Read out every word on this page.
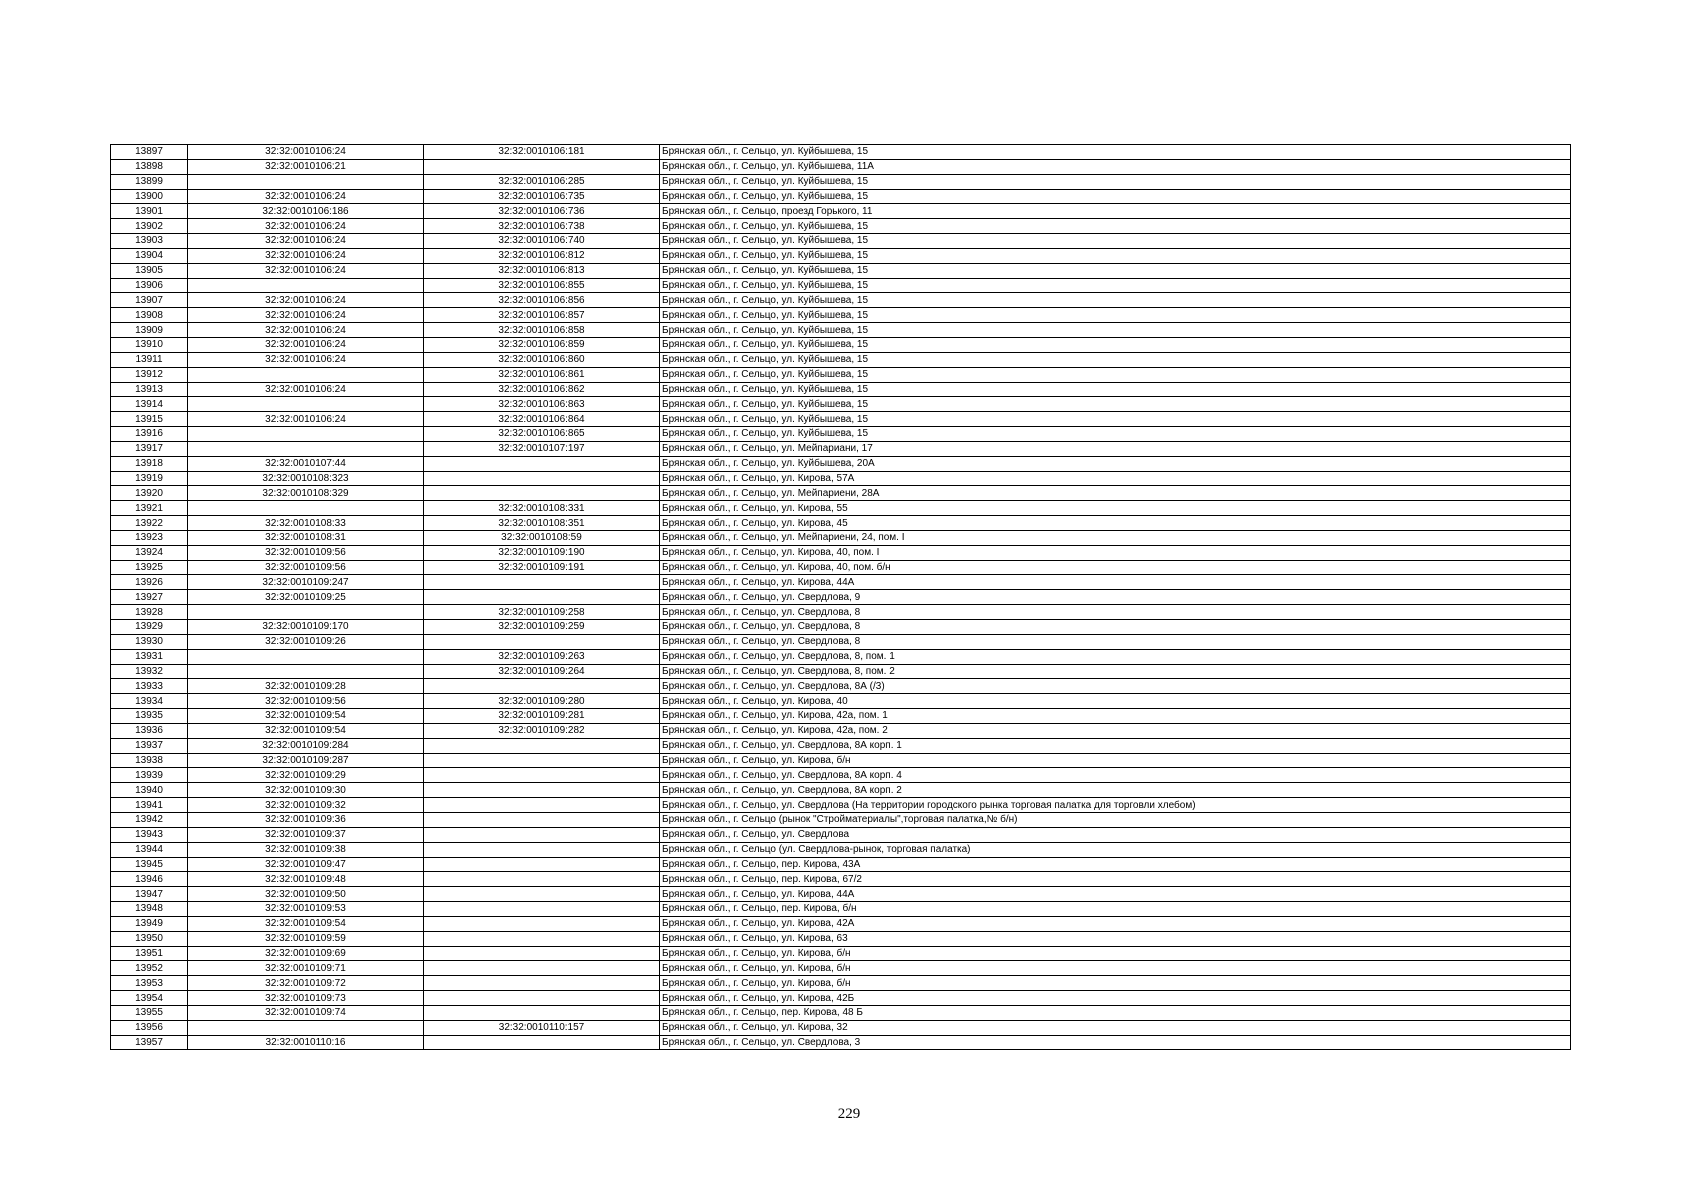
13897	32:32:0010106:24	32:32:0010106:181	Брянская обл., г. Сельцо, ул. Куйбышева, 15
13898	32:32:0010106:21		Брянская обл., г. Сельцо, ул. Куйбышева, 11А
13899		32:32:0010106:285	Брянская обл., г. Сельцо, ул. Куйбышева, 15
13900	32:32:0010106:24	32:32:0010106:735	Брянская обл., г. Сельцо, ул. Куйбышева, 15
13901	32:32:0010106:186	32:32:0010106:736	Брянская обл., г. Сельцо, проезд Горького, 11
13902	32:32:0010106:24	32:32:0010106:738	Брянская обл., г. Сельцо, ул. Куйбышева, 15
13903	32:32:0010106:24	32:32:0010106:740	Брянская обл., г. Сельцо, ул. Куйбышева, 15
13904	32:32:0010106:24	32:32:0010106:812	Брянская обл., г. Сельцо, ул. Куйбышева, 15
13905	32:32:0010106:24	32:32:0010106:813	Брянская обл., г. Сельцо, ул. Куйбышева, 15
13906		32:32:0010106:855	Брянская обл., г. Сельцо, ул. Куйбышева, 15
13907	32:32:0010106:24	32:32:0010106:856	Брянская обл., г. Сельцо, ул. Куйбышева, 15
13908	32:32:0010106:24	32:32:0010106:857	Брянская обл., г. Сельцо, ул. Куйбышева, 15
13909	32:32:0010106:24	32:32:0010106:858	Брянская обл., г. Сельцо, ул. Куйбышева, 15
13910	32:32:0010106:24	32:32:0010106:859	Брянская обл., г. Сельцо, ул. Куйбышева, 15
13911	32:32:0010106:24	32:32:0010106:860	Брянская обл., г. Сельцо, ул. Куйбышева, 15
13912		32:32:0010106:861	Брянская обл., г. Сельцо, ул. Куйбышева, 15
13913	32:32:0010106:24	32:32:0010106:862	Брянская обл., г. Сельцо, ул. Куйбышева, 15
13914		32:32:0010106:863	Брянская обл., г. Сельцо, ул. Куйбышева, 15
13915	32:32:0010106:24	32:32:0010106:864	Брянская обл., г. Сельцо, ул. Куйбышева, 15
13916		32:32:0010106:865	Брянская обл., г. Сельцо, ул. Куйбышева, 15
13917		32:32:0010107:197	Брянская обл., г. Сельцо, ул. Мейпариани, 17
13918	32:32:0010107:44		Брянская обл., г. Сельцо, ул. Куйбышева, 20А
13919	32:32:0010108:323		Брянская обл., г. Сельцо, ул. Кирова, 57А
13920	32:32:0010108:329		Брянская обл., г. Сельцо, ул. Мейпариени, 28А
13921		32:32:0010108:331	Брянская обл., г. Сельцо, ул. Кирова, 55
13922	32:32:0010108:33	32:32:0010108:351	Брянская обл., г. Сельцо, ул. Кирова, 45
13923	32:32:0010108:31	32:32:0010108:59	Брянская обл., г. Сельцо, ул. Мейпариени, 24, пом. I
13924	32:32:0010109:56	32:32:0010109:190	Брянская обл., г. Сельцо, ул. Кирова, 40, пом. I
13925	32:32:0010109:56	32:32:0010109:191	Брянская обл., г. Сельцо, ул. Кирова, 40, пом. б/н
13926	32:32:0010109:247		Брянская обл., г. Сельцо, ул. Кирова, 44А
13927	32:32:0010109:25		Брянская обл., г. Сельцо, ул. Свердлова, 9
13928		32:32:0010109:258	Брянская обл., г. Сельцо, ул. Свердлова, 8
13929	32:32:0010109:170	32:32:0010109:259	Брянская обл., г. Сельцо, ул. Свердлова, 8
13930	32:32:0010109:26		Брянская обл., г. Сельцо, ул. Свердлова, 8
13931		32:32:0010109:263	Брянская обл., г. Сельцо, ул. Свердлова, 8, пом. 1
13932		32:32:0010109:264	Брянская обл., г. Сельцо, ул. Свердлова, 8, пом. 2
13933	32:32:0010109:28		Брянская обл., г. Сельцо, ул. Свердлова, 8А (/3)
13934	32:32:0010109:56	32:32:0010109:280	Брянская обл., г. Сельцо, ул. Кирова, 40
13935	32:32:0010109:54	32:32:0010109:281	Брянская обл., г. Сельцо, ул. Кирова, 42а, пом. 1
13936	32:32:0010109:54	32:32:0010109:282	Брянская обл., г. Сельцо, ул. Кирова, 42а, пом. 2
13937	32:32:0010109:284		Брянская обл., г. Сельцо, ул. Свердлова, 8А корп. 1
13938	32:32:0010109:287		Брянская обл., г. Сельцо, ул. Кирова, б/н
13939	32:32:0010109:29		Брянская обл., г. Сельцо, ул. Свердлова, 8А корп. 4
13940	32:32:0010109:30		Брянская обл., г. Сельцо, ул. Свердлова, 8А корп. 2
13941	32:32:0010109:32		Брянская обл., г. Сельцо, ул. Свердлова (На территории городского рынка торговая палатка для торговли хлебом)
13942	32:32:0010109:36		Брянская обл., г. Сельцо (рынок "Стройматериалы",торговая палатка,№ б/н)
13943	32:32:0010109:37		Брянская обл., г. Сельцо, ул. Свердлова
13944	32:32:0010109:38		Брянская обл., г. Сельцо (ул. Свердлова-рынок, торговая палатка)
13945	32:32:0010109:47		Брянская обл., г. Сельцо, пер. Кирова, 43А
13946	32:32:0010109:48		Брянская обл., г. Сельцо, пер. Кирова, 67/2
13947	32:32:0010109:50		Брянская обл., г. Сельцо, ул. Кирова, 44А
13948	32:32:0010109:53		Брянская обл., г. Сельцо, пер. Кирова, б/н
13949	32:32:0010109:54		Брянская обл., г. Сельцо, ул. Кирова, 42А
13950	32:32:0010109:59		Брянская обл., г. Сельцо, ул. Кирова, 63
13951	32:32:0010109:69		Брянская обл., г. Сельцо, ул. Кирова, б/н
13952	32:32:0010109:71		Брянская обл., г. Сельцо, ул. Кирова, б/н
13953	32:32:0010109:72		Брянская обл., г. Сельцо, ул. Кирова, б/н
13954	32:32:0010109:73		Брянская обл., г. Сельцо, ул. Кирова, 42Б
13955	32:32:0010109:74		Брянская обл., г. Сельцо, пер. Кирова, 48 Б
13956		32:32:0010110:157	Брянская обл., г. Сельцо, ул. Кирова, 32
13957	32:32:0010110:16		Брянская обл., г. Сельцо, ул. Свердлова, 3
229
